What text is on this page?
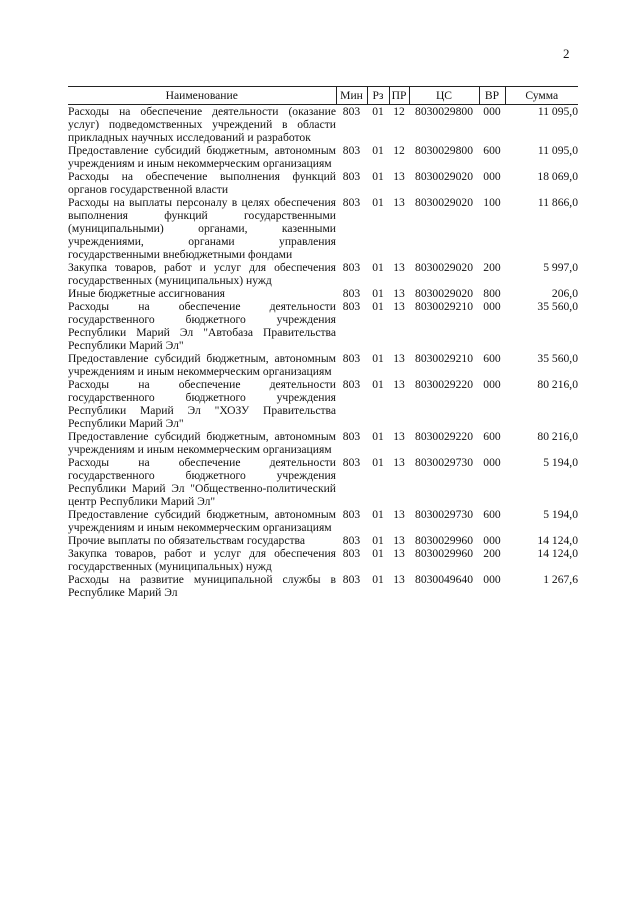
2
Наименование	Мин	Рз	ПР	ЦС	ВР	Сумма
Расходы на обеспечение деятельности (оказание услуг) подведомственных учреждений в области прикладных научных исследований и разработок	803	01	12	8030029800	000	11 095,0
Предоставление субсидий бюджетным, автономным учреждениям и иным некоммерческим организациям	803	01	12	8030029800	600	11 095,0
Расходы на обеспечение выполнения функций органов государственной власти	803	01	13	8030029020	000	18 069,0
Расходы на выплаты персоналу в целях обеспечения выполнения функций государственными (муниципальными) органами, казенными учреждениями, органами управления государственными внебюджетными фондами	803	01	13	8030029020	100	11 866,0
Закупка товаров, работ и услуг для обеспечения государственных (муниципальных) нужд	803	01	13	8030029020	200	5 997,0
Иные бюджетные ассигнования	803	01	13	8030029020	800	206,0
Расходы на обеспечение деятельности государственного бюджетного учреждения Республики Марий Эл "Автобаза Правительства Республики Марий Эл"	803	01	13	8030029210	000	35 560,0
Предоставление субсидий бюджетным, автономным учреждениям и иным некоммерческим организациям	803	01	13	8030029210	600	35 560,0
Расходы на обеспечение деятельности государственного бюджетного учреждения Республики Марий Эл "ХОЗУ Правительства Республики Марий Эл"	803	01	13	8030029220	000	80 216,0
Предоставление субсидий бюджетным, автономным учреждениям и иным некоммерческим организациям	803	01	13	8030029220	600	80 216,0
Расходы на обеспечение деятельности государственного бюджетного учреждения Республики Марий Эл "Общественно-политический центр Республики Марий Эл"	803	01	13	8030029730	000	5 194,0
Предоставление субсидий бюджетным, автономным учреждениям и иным некоммерческим организациям	803	01	13	8030029730	600	5 194,0
Прочие выплаты по обязательствам государства	803	01	13	8030029960	000	14 124,0
Закупка товаров, работ и услуг для обеспечения государственных (муниципальных) нужд	803	01	13	8030029960	200	14 124,0
Расходы на развитие муниципальной службы в Республике Марий Эл	803	01	13	8030049640	000	1 267,6
